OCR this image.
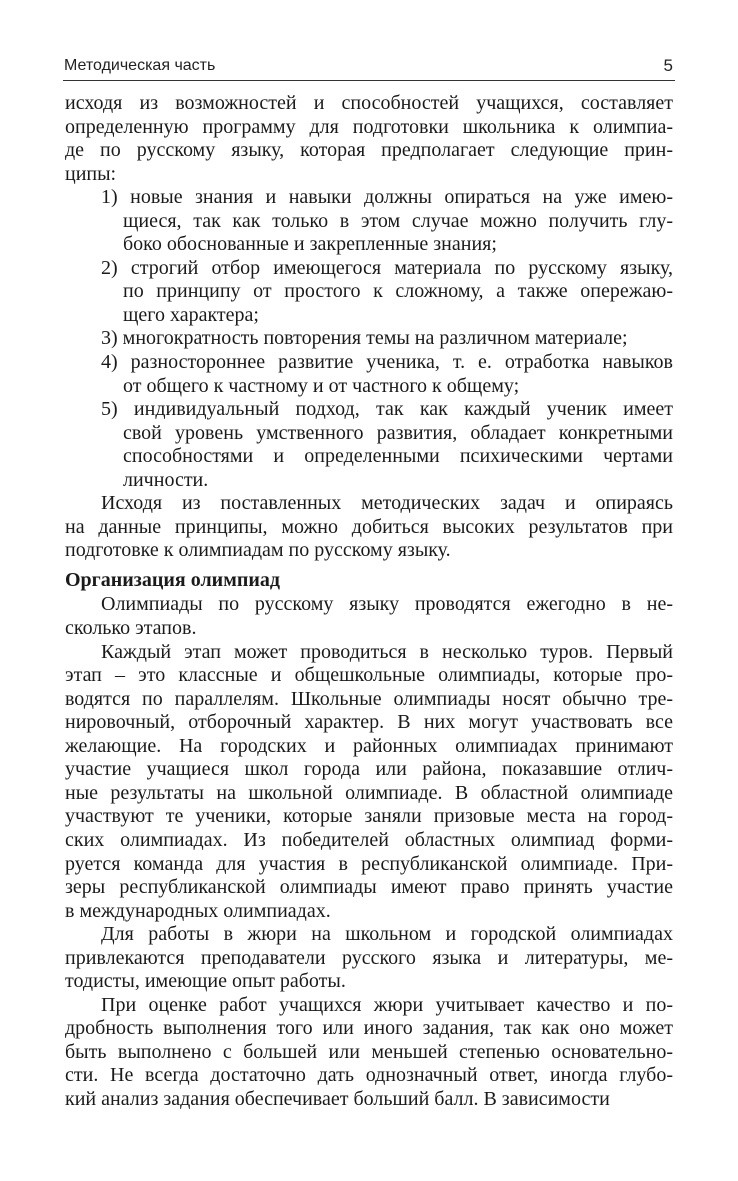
Методическая часть	5
исходя из возможностей и способностей учащихся, составляет
определенную программу для подготовки школьника к олимпиа-
де по русскому языку, которая предполагает следующие прин-
ципы:
1) новые знания и навыки должны опираться на уже имею-
щиеся, так как только в этом случае можно получить глу-
боко обоснованные и закрепленные знания;
2) строгий отбор имеющегося материала по русскому языку,
по принципу от простого к сложному, а также опережаю-
щего характера;
3) многократность повторения темы на различном материале;
4) разностороннее развитие ученика, т. е. отработка навыков
от общего к частному и от частного к общему;
5) индивидуальный подход, так как каждый ученик имеет
свой уровень умственного развития, обладает конкретными
способностями и определенными психическими чертами
личности.
Исходя из поставленных методических задач и опираясь
на данные принципы, можно добиться высоких результатов при
подготовке к олимпиадам по русскому языку.
Организация олимпиад
Олимпиады по русскому языку проводятся ежегодно в не-
сколько этапов.
Каждый этап может проводиться в несколько туров. Первый
этап – это классные и общешкольные олимпиады, которые про-
водятся по параллелям. Школьные олимпиады носят обычно тре-
нировочный, отборочный характер. В них могут участвовать все
желающие. На городских и районных олимпиадах принимают
участие учащиеся школ города или района, показавшие отлич-
ные результаты на школьной олимпиаде. В областной олимпиаде
участвуют те ученики, которые заняли призовые места на город-
ских олимпиадах. Из победителей областных олимпиад форми-
руется команда для участия в республиканской олимпиаде. При-
зеры республиканской олимпиады имеют право принять участие
в международных олимпиадах.
Для работы в жюри на школьном и городской олимпиадах
привлекаются преподаватели русского языка и литературы, ме-
тодисты, имеющие опыт работы.
При оценке работ учащихся жюри учитывает качество и по-
дробность выполнения того или иного задания, так как оно может
быть выполнено с большей или меньшей степенью основательно-
сти. Не всегда достаточно дать однозначный ответ, иногда глубо-
кий анализ задания обеспечивает больший балл. В зависимости
